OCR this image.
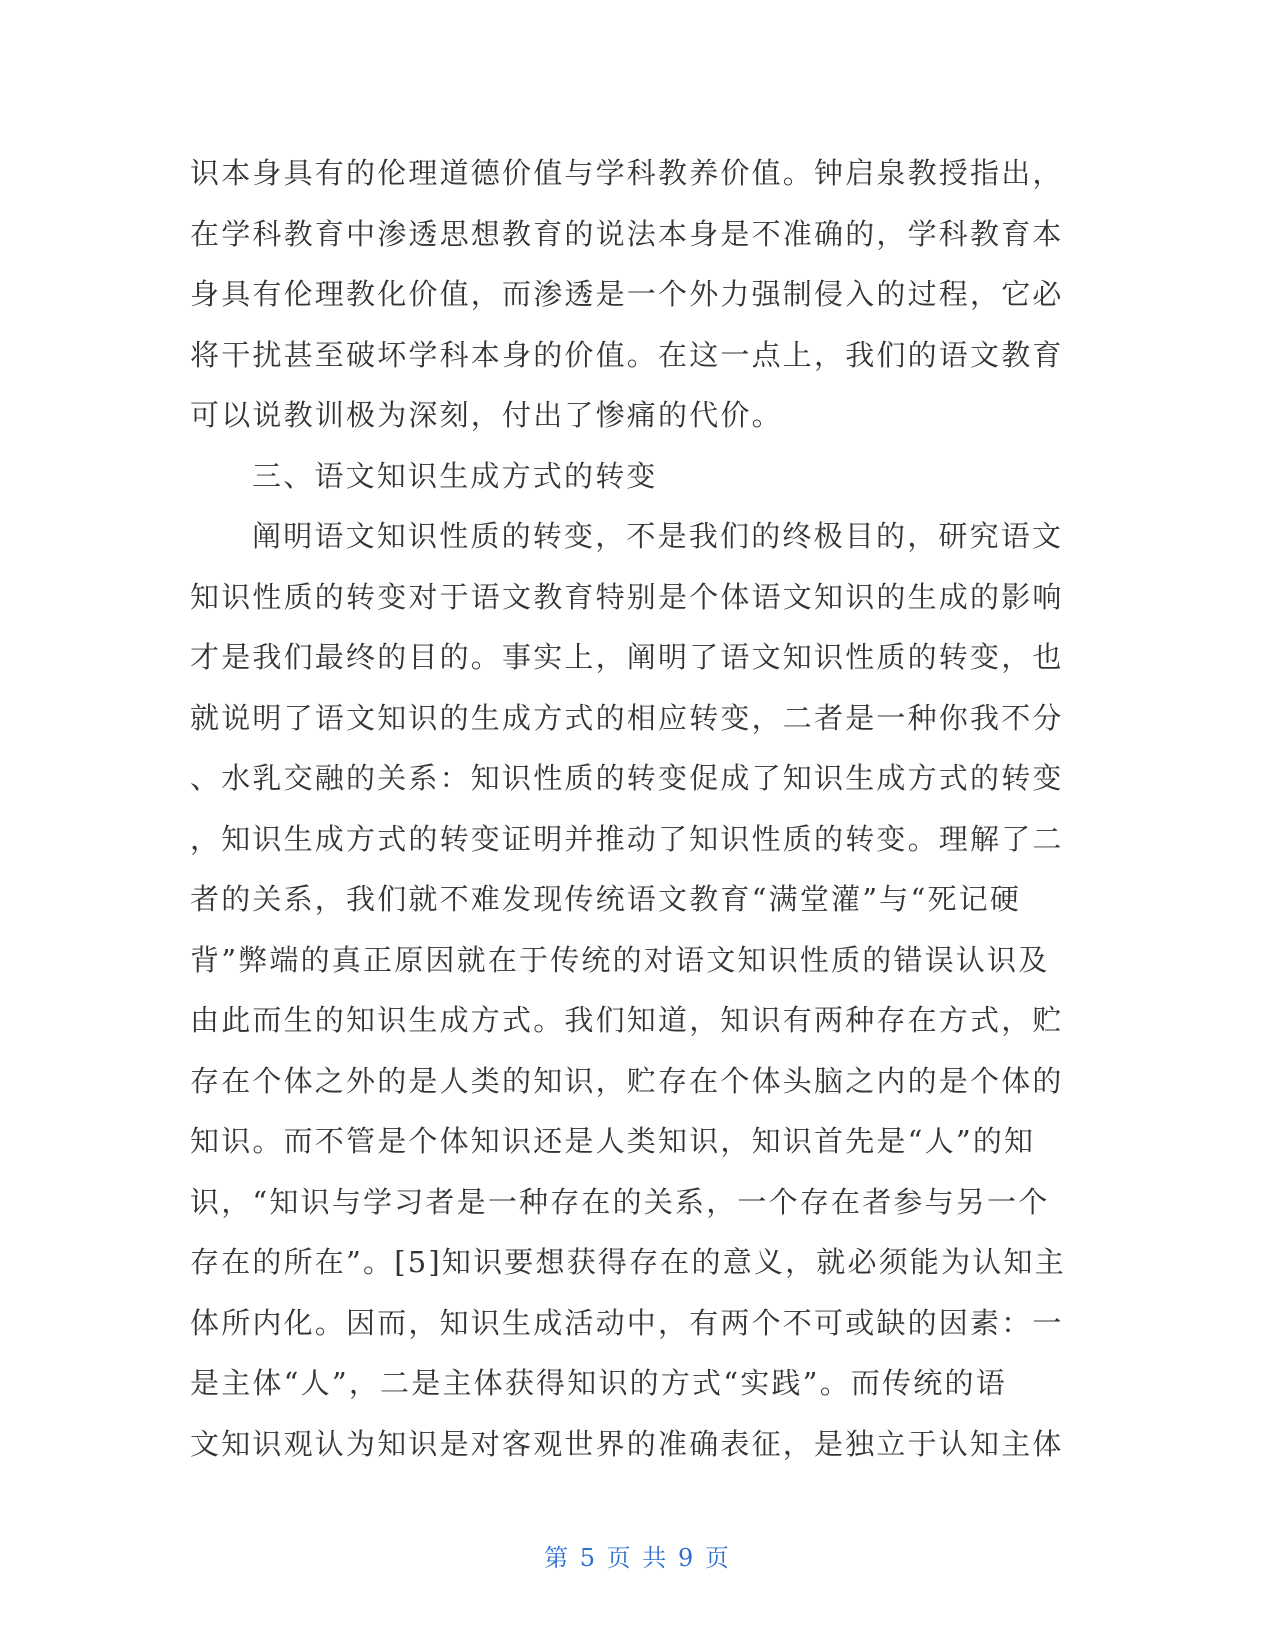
识本身具有的伦理道德价值与学科教养价值。钟启泉教授指出，
在学科教育中渗透思想教育的说法本身是不准确的，学科教育本
身具有伦理教化价值，而渗透是一个外力强制侵入的过程，它必
将干扰甚至破坏学科本身的价值。在这一点上，我们的语文教育
可以说教训极为深刻，付出了惨痛的代价。
三、语文知识生成方式的转变
阐明语文知识性质的转变，不是我们的终极目的，研究语文
知识性质的转变对于语文教育特别是个体语文知识的生成的影响
才是我们最终的目的。事实上，阐明了语文知识性质的转变，也
就说明了语文知识的生成方式的相应转变，二者是一种你我不分
、水乳交融的关系：知识性质的转变促成了知识生成方式的转变
，知识生成方式的转变证明并推动了知识性质的转变。理解了二
者的关系，我们就不难发现传统语文教育“满堂灌”与“死记硬
背”弊端的真正原因就在于传统的对语文知识性质的错误认识及
由此而生的知识生成方式。我们知道，知识有两种存在方式，贮
存在个体之外的是人类的知识，贮存在个体头脑之内的是个体的
知识。而不管是个体知识还是人类知识，知识首先是“人”的知
识，“知识与学习者是一种存在的关系，一个存在者参与另一个
存在的所在”。[5]知识要想获得存在的意义，就必须能为认知主
体所内化。因而，知识生成活动中，有两个不可或缺的因素：一
是主体“人”，二是主体获得知识的方式“实践”。而传统的语
文知识观认为知识是对客观世界的准确表征，是独立于认知主体
第 5 页 共 9 页
